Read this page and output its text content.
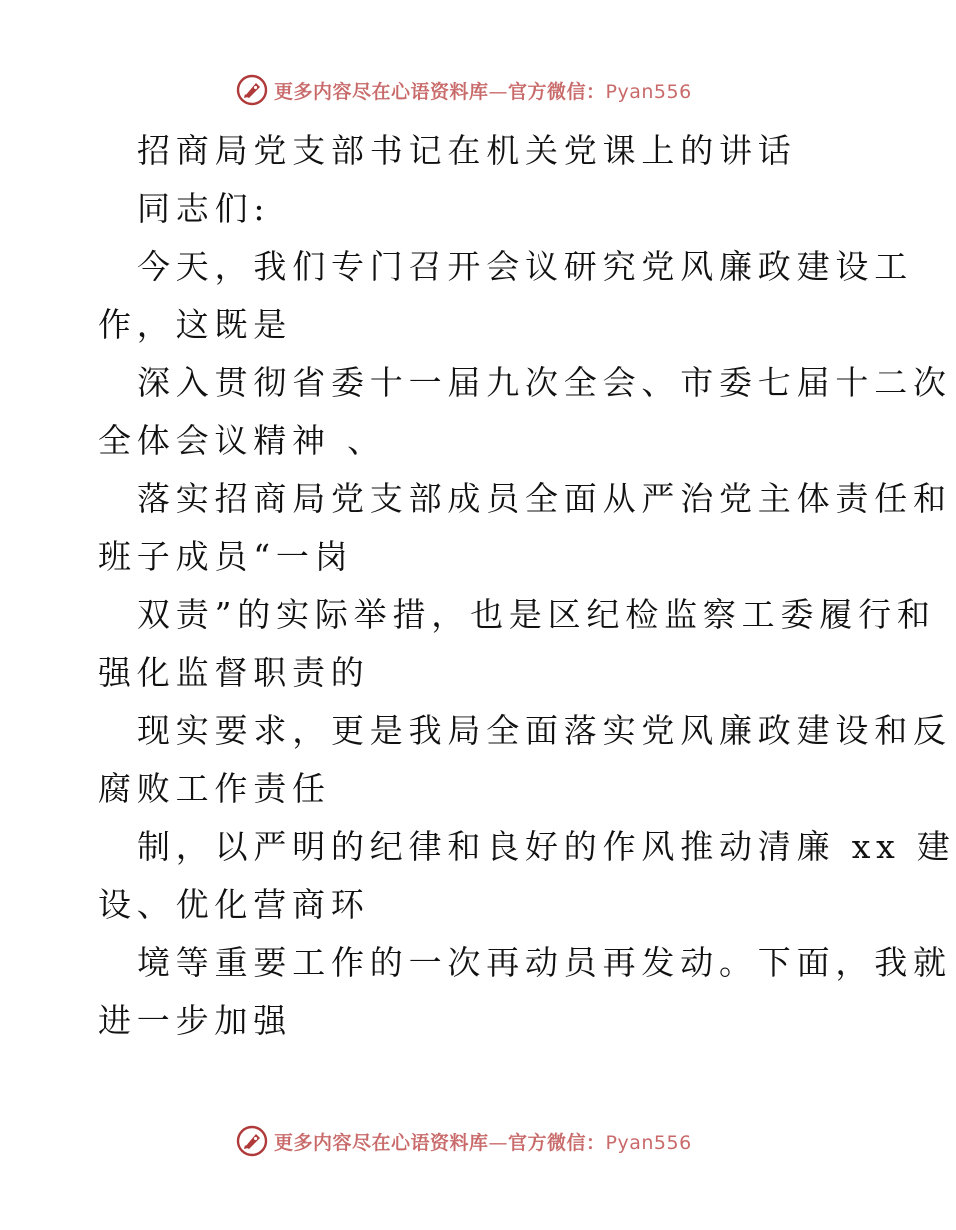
更多内容尽在心语资料库—官方微信：Pyan556
招商局党支部书记在机关党课上的讲话
同志们:
今天，我们专门召开会议研究党风廉政建设工
作，这既是
深入贯彻省委十一届九次全会、市委七届十二次
全体会议精神 、
落实招商局党支部成员全面从严治党主体责任和
班子成员“一岗
双责”的实际举措，也是区纪检监察工委履行和
强化监督职责的
现实要求，更是我局全面落实党风廉政建设和反
腐败工作责任
制，以严明的纪律和良好的作风推动清廉 xx 建
设、优化营商环
境等重要工作的一次再动员再发动。下面，我就
进一步加强
更多内容尽在心语资料库—官方微信：Pyan556
